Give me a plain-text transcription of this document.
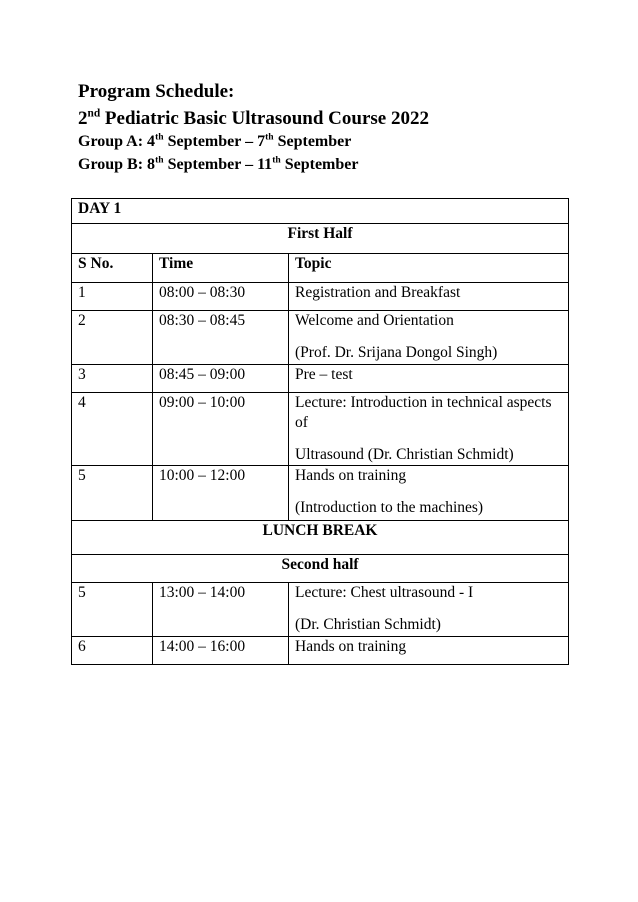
Program Schedule:
2nd Pediatric Basic Ultrasound Course 2022
Group A: 4th September – 7th September
Group B: 8th September – 11th September
DAY 1		
First Half		
S No.	Time	Topic
1	08:00 – 08:30	Registration and Breakfast
2	08:30 – 08:45	Welcome and Orientation
(Prof. Dr. Srijana Dongol Singh)

3	08:45 – 09:00	Pre – test
4	09:00 – 10:00	Lecture: Introduction in technical aspects of
Ultrasound (Dr. Christian Schmidt)

5	10:00 – 12:00	Hands on training
(Introduction to the machines)

LUNCH BREAK		
Second half		
5	13:00 – 14:00	Lecture: Chest ultrasound - I
(Dr. Christian Schmidt)

6	14:00 – 16:00	Hands on training
